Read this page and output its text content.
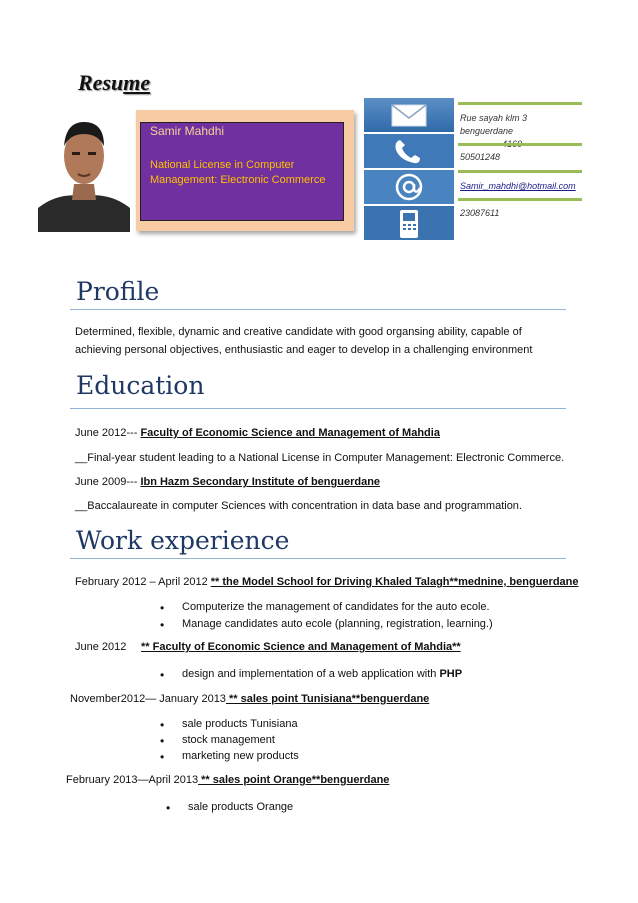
Resume
Samir Mahdhi
National License in Computer
Management: Electronic Commerce
Rue sayah klm 3 benguerdane
50501248
Samir_mahdhi@hotmail.com
23087611
Profile
Determined, flexible, dynamic and creative candidate with good organsing ability, capable of
achieving personal objectives, enthusiastic and eager to develop in a challenging environment
Education
June 2012--- Faculty of Economic Science and Management of Mahdia
__Final-year student leading to a National License in Computer Management: Electronic Commerce.
June 2009--- Ibn Hazm Secondary Institute of benguerdane
__Baccalaureate in computer Sciences with concentration in data base and programmation.
Work experience
February 2012 – April 2012 ** the Model School for Driving Khaled Talagh**mednine, benguerdane
• Computerize the management of candidates for the auto ecole.
• Manage candidates auto ecole (planning, registration, learning.)
June 2012 ** Faculty of Economic Science and Management of Mahdia**
• design and implementation of a web application with PHP
November2012— January 2013 ** sales point Tunisiana**benguerdane
• sale products Tunisiana
• stock management
• marketing new products
February 2013—April 2013 ** sales point Orange**benguerdane
• sale products Orange
